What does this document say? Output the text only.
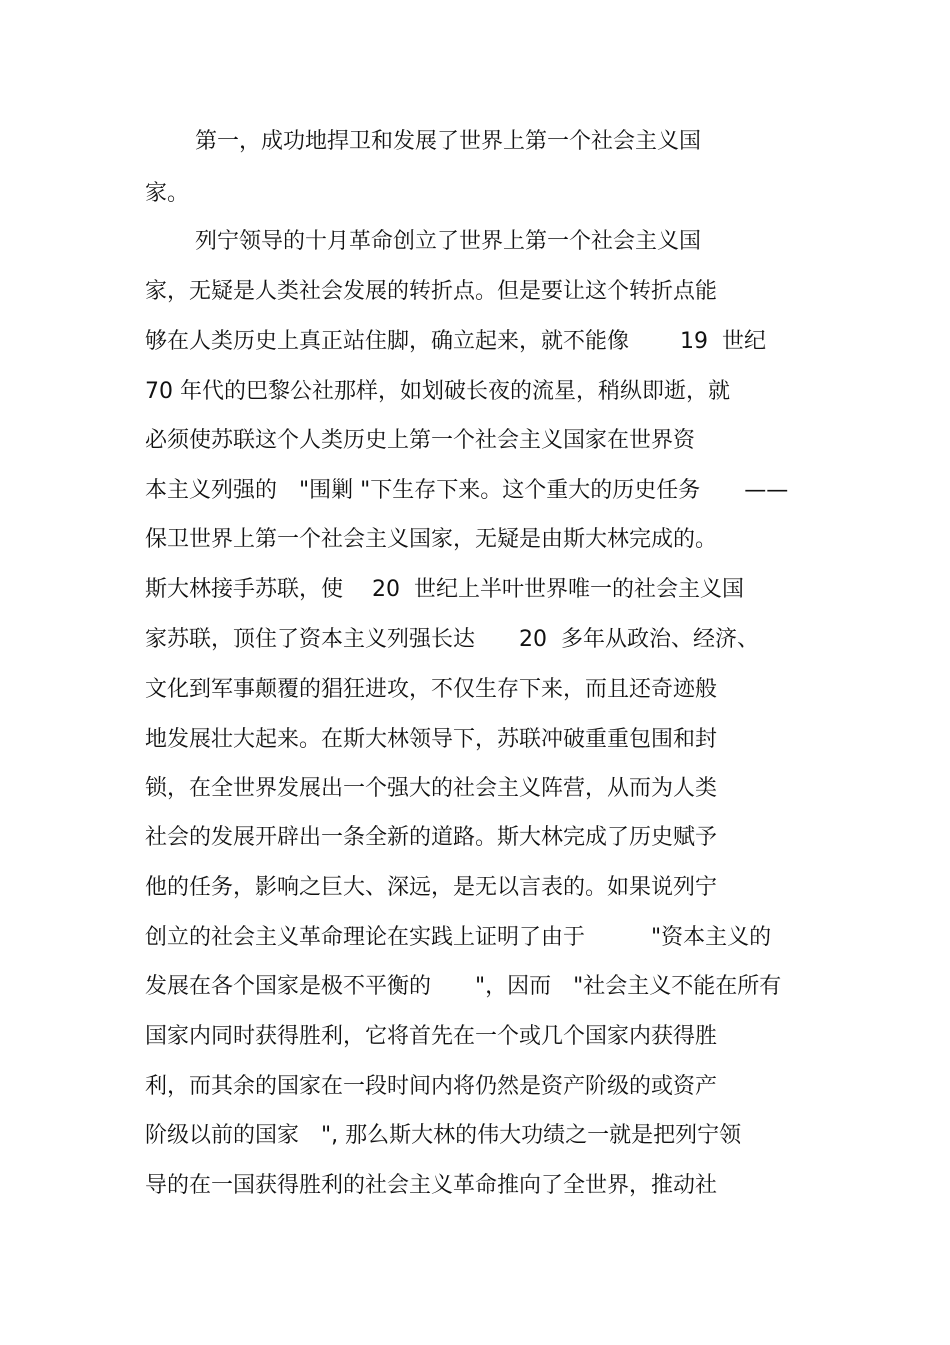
第一，成功地捍卫和发展了世界上第一个社会主义国
家。
列宁领导的十月革命创立了世界上第一个社会主义国
家，无疑是人类社会发展的转折点。但是要让这个转折点能
够在人类历史上真正站住脚，确立起来，就不能像　　 19  世纪
70 年代的巴黎公社那样，如划破长夜的流星，稍纵即逝，就
必须使苏联这个人类历史上第一个社会主义国家在世界资
本主义列强的　"围剿 "下生存下来。这个重大的历史任务　　——
保卫世界上第一个社会主义国家，无疑是由斯大林完成的。
斯大林接手苏联，使　 20  世纪上半叶世界唯一的社会主义国
家苏联，顶住了资本主义列强长达　　20  多年从政治、经济、
文化到军事颠覆的猖狂进攻，不仅生存下来，而且还奇迹般
地发展壮大起来。在斯大林领导下，苏联冲破重重包围和封
锁，在全世界发展出一个强大的社会主义阵营，从而为人类
社会的发展开辟出一条全新的道路。斯大林完成了历史赋予
他的任务，影响之巨大、深远，是无以言表的。如果说列宁
创立的社会主义革命理论在实践上证明了由于　　　"资本主义的
发展在各个国家是极不平衡的　　"，因而　"社会主义不能在所有
国家内同时获得胜利，它将首先在一个或几个国家内获得胜
利，而其余的国家在一段时间内将仍然是资产阶级的或资产
阶级以前的国家　", 那么斯大林的伟大功绩之一就是把列宁领
导的在一国获得胜利的社会主义革命推向了全世界，推动社
